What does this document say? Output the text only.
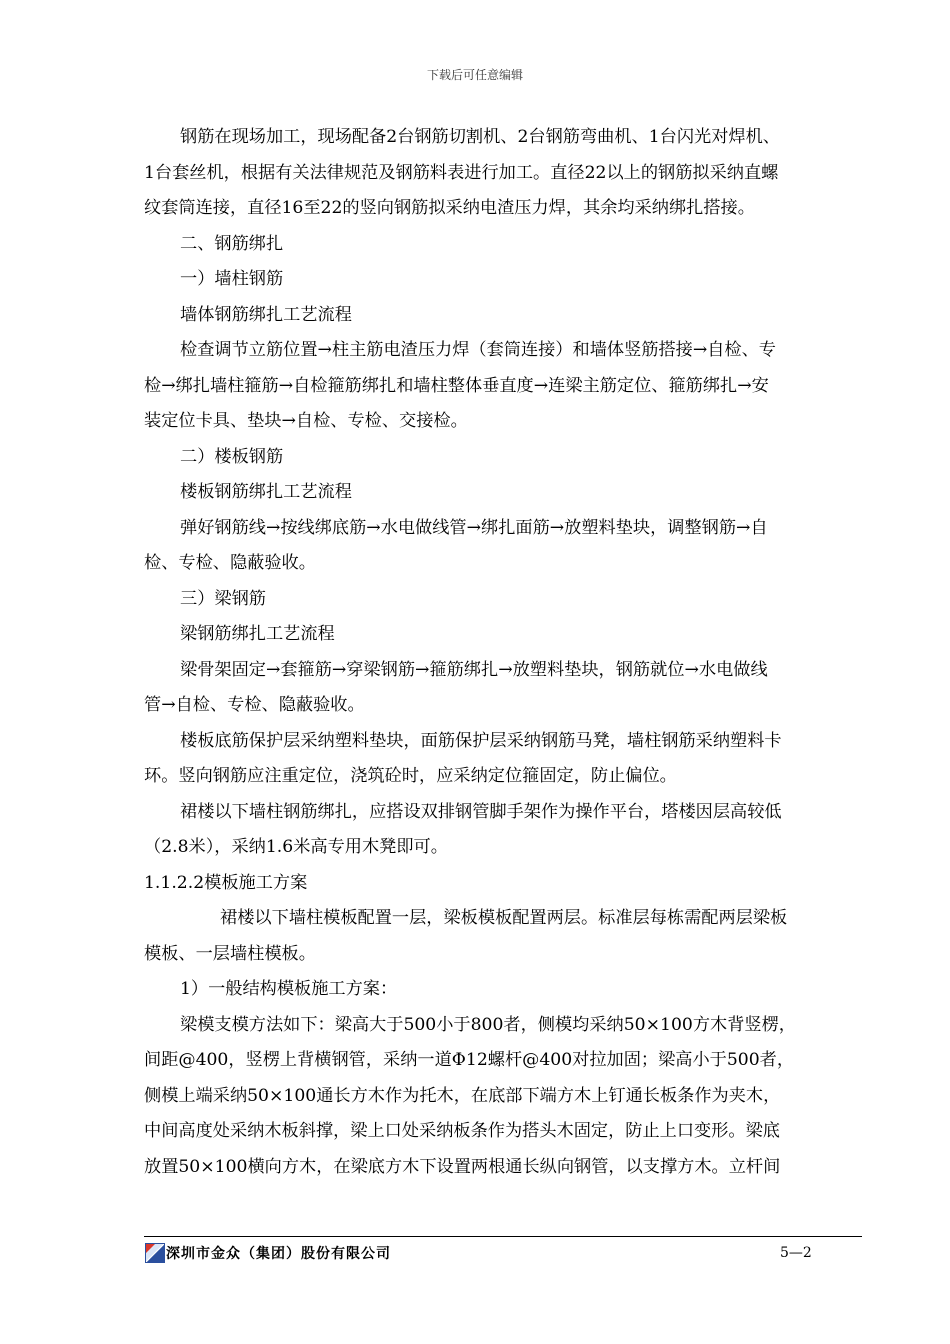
下载后可任意编辑

钢筋在现场加工，现场配备2台钢筋切割机、2台钢筋弯曲机、1台闪光对焊机、

1台套丝机，根据有关法律规范及钢筋料表进行加工。直径22以上的钢筋拟采纳直螺

纹套筒连接，直径16至22的竖向钢筋拟采纳电渣压力焊，其余均采纳绑扎搭接。

二、钢筋绑扎

一）墙柱钢筋

墙体钢筋绑扎工艺流程

检查调节立筋位置→柱主筋电渣压力焊（套筒连接）和墙体竖筋搭接→自检、专

检→绑扎墙柱箍筋→自检箍筋绑扎和墙柱整体垂直度→连梁主筋定位、箍筋绑扎→安

装定位卡具、垫块→自检、专检、交接检。

二）楼板钢筋

楼板钢筋绑扎工艺流程

弹好钢筋线→按线绑底筋→水电做线管→绑扎面筋→放塑料垫块，调整钢筋→自

检、专检、隐蔽验收。

三）梁钢筋

梁钢筋绑扎工艺流程

梁骨架固定→套箍筋→穿梁钢筋→箍筋绑扎→放塑料垫块，钢筋就位→水电做线

管→自检、专检、隐蔽验收。

楼板底筋保护层采纳塑料垫块，面筋保护层采纳钢筋马凳，墙柱钢筋采纳塑料卡

环。竖向钢筋应注重定位，浇筑砼时，应采纳定位箍固定，防止偏位。

裙楼以下墙柱钢筋绑扎，应搭设双排钢管脚手架作为操作平台，塔楼因层高较低

（2.8米），采纳1.6米高专用木凳即可。

1.1.2.2模板施工方案

裙楼以下墙柱模板配置一层，梁板模板配置两层。标准层每栋需配两层梁板

模板、一层墙柱模板。

1）一般结构模板施工方案：

梁模支模方法如下：梁高大于500小于800者，侧模均采纳50×100方木背竖楞，

间距@400，竖楞上背横钢管，采纳一道Φ12螺杆@400对拉加固；梁高小于500者，

侧模上端采纳50×100通长方木作为托木，在底部下端方木上钉通长板条作为夹木，

中间高度处采纳木板斜撑，梁上口处采纳板条作为搭头木固定，防止上口变形。梁底

放置50×100横向方木，在梁底方木下设置两根通长纵向钢管，以支撑方木。立杆间

深圳市金众（集团）股份有限公司	5—2
